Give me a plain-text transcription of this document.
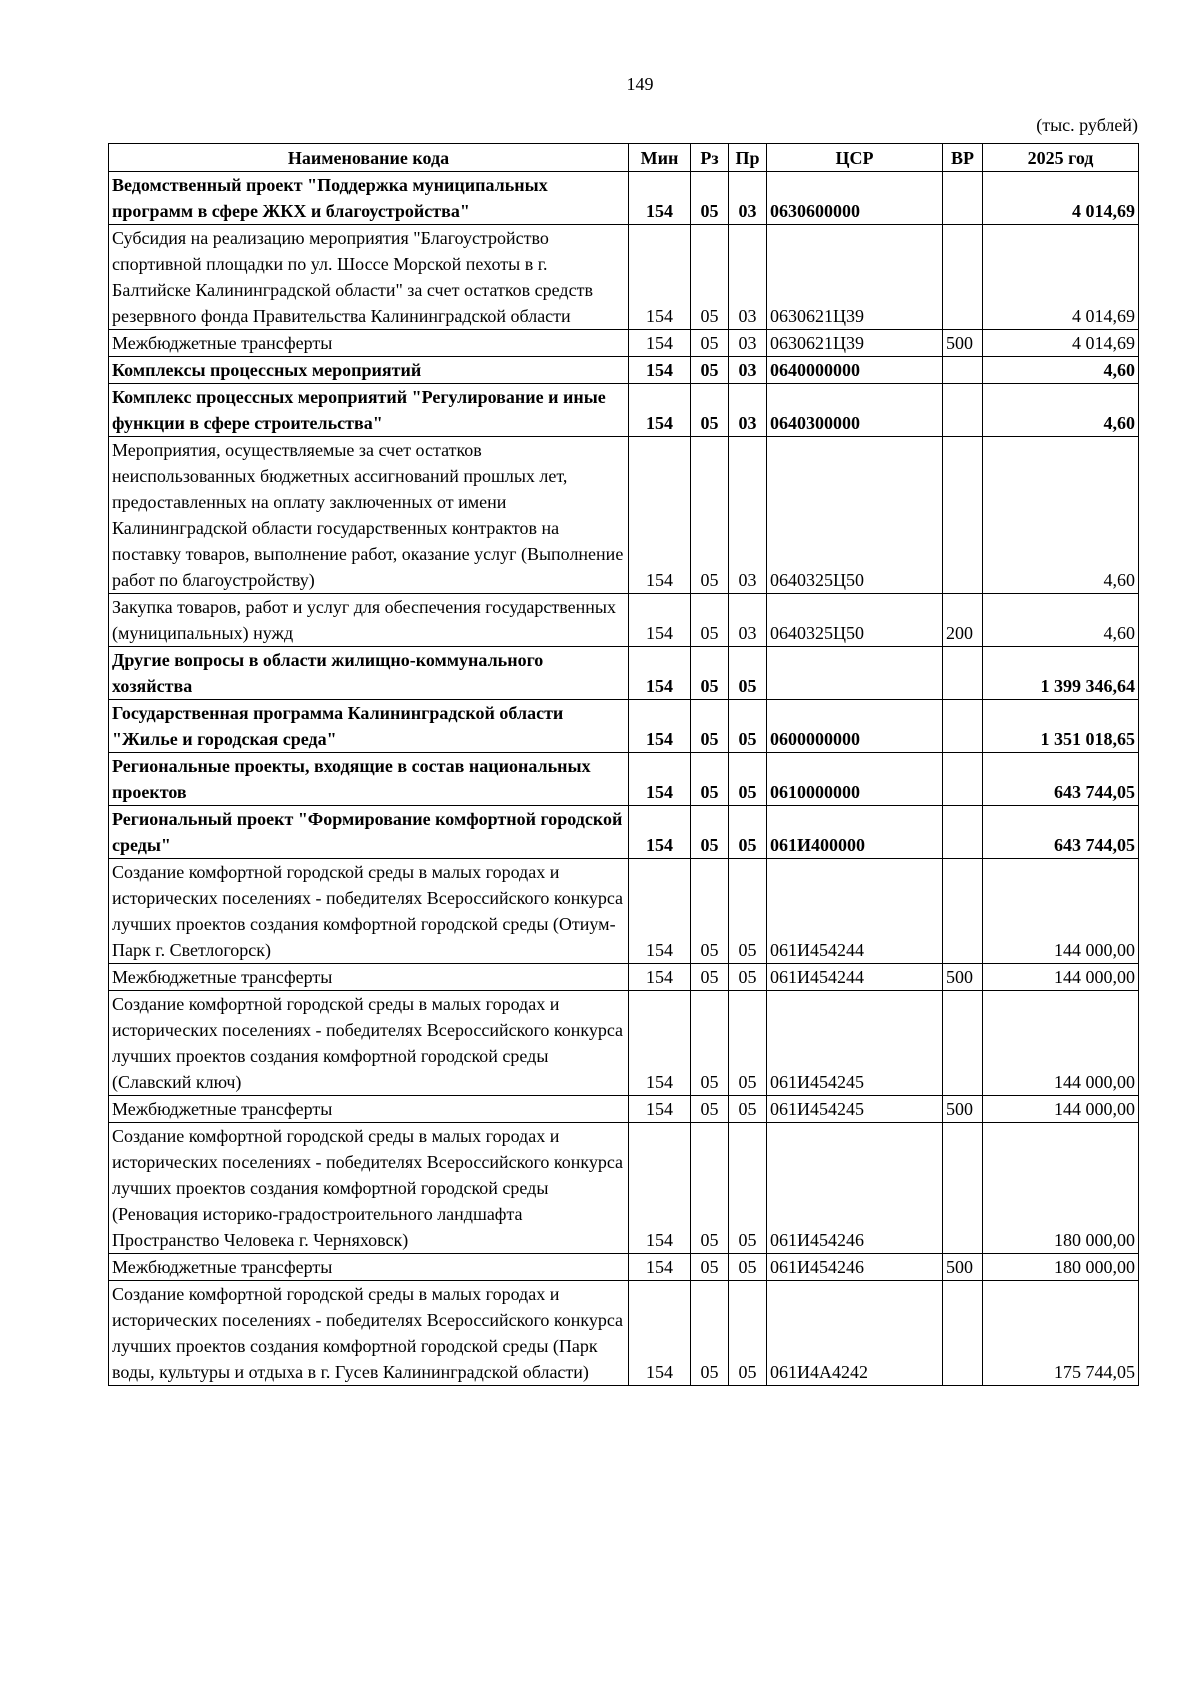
149
(тыс. рублей)
Наименование кода	Мин	Рз	Пр	ЦСР	ВР	2025 год
Ведомственный проект "Поддержка муниципальных программ в сфере ЖКХ и благоустройства"	154	05	03	0630600000		4 014,69
Субсидия на реализацию мероприятия "Благоустройство спортивной площадки по ул. Шоссе Морской пехоты в г. Балтийске Калининградской области" за счет остатков средств резервного фонда Правительства Калининградской области	154	05	03	0630621Ц39		4 014,69
Межбюджетные трансферты	154	05	03	0630621Ц39	500	4 014,69
Комплексы процессных мероприятий	154	05	03	0640000000		4,60
Комплекс процессных мероприятий "Регулирование и иные функции в сфере строительства"	154	05	03	0640300000		4,60
Мероприятия, осуществляемые за счет остатков неиспользованных бюджетных ассигнований прошлых лет, предоставленных на оплату заключенных от имени Калининградской области государственных контрактов на поставку товаров, выполнение работ, оказание услуг (Выполнение работ по благоустройству)	154	05	03	0640325Ц50		4,60
Закупка товаров, работ и услуг для обеспечения государственных (муниципальных) нужд	154	05	03	0640325Ц50	200	4,60
Другие вопросы в области жилищно-коммунального хозяйства	154	05	05			1 399 346,64
Государственная программа Калининградской области "Жилье и городская среда"	154	05	05	0600000000		1 351 018,65
Региональные проекты, входящие в состав национальных проектов	154	05	05	0610000000		643 744,05
Региональный проект "Формирование комфортной городской среды"	154	05	05	061И400000		643 744,05
Создание комфортной городской среды в малых городах и исторических поселениях - победителях Всероссийского конкурса лучших проектов создания комфортной городской среды (Отиум-Парк г. Светлогорск)	154	05	05	061И454244		144 000,00
Межбюджетные трансферты	154	05	05	061И454244	500	144 000,00
Создание комфортной городской среды в малых городах и исторических поселениях - победителях Всероссийского конкурса лучших проектов создания комфортной городской среды (Славский ключ)	154	05	05	061И454245		144 000,00
Межбюджетные трансферты	154	05	05	061И454245	500	144 000,00
Создание комфортной городской среды в малых городах и исторических поселениях - победителях Всероссийского конкурса лучших проектов создания комфортной городской среды (Реновация историко-градостроительного ландшафта Пространство Человека г. Черняховск)	154	05	05	061И454246		180 000,00
Межбюджетные трансферты	154	05	05	061И454246	500	180 000,00
Создание комфортной городской среды в малых городах и исторических поселениях - победителях Всероссийского конкурса лучших проектов создания комфортной городской среды (Парк воды, культуры и отдыха в г. Гусев Калининградской области)	154	05	05	061И4А4242		175 744,05
